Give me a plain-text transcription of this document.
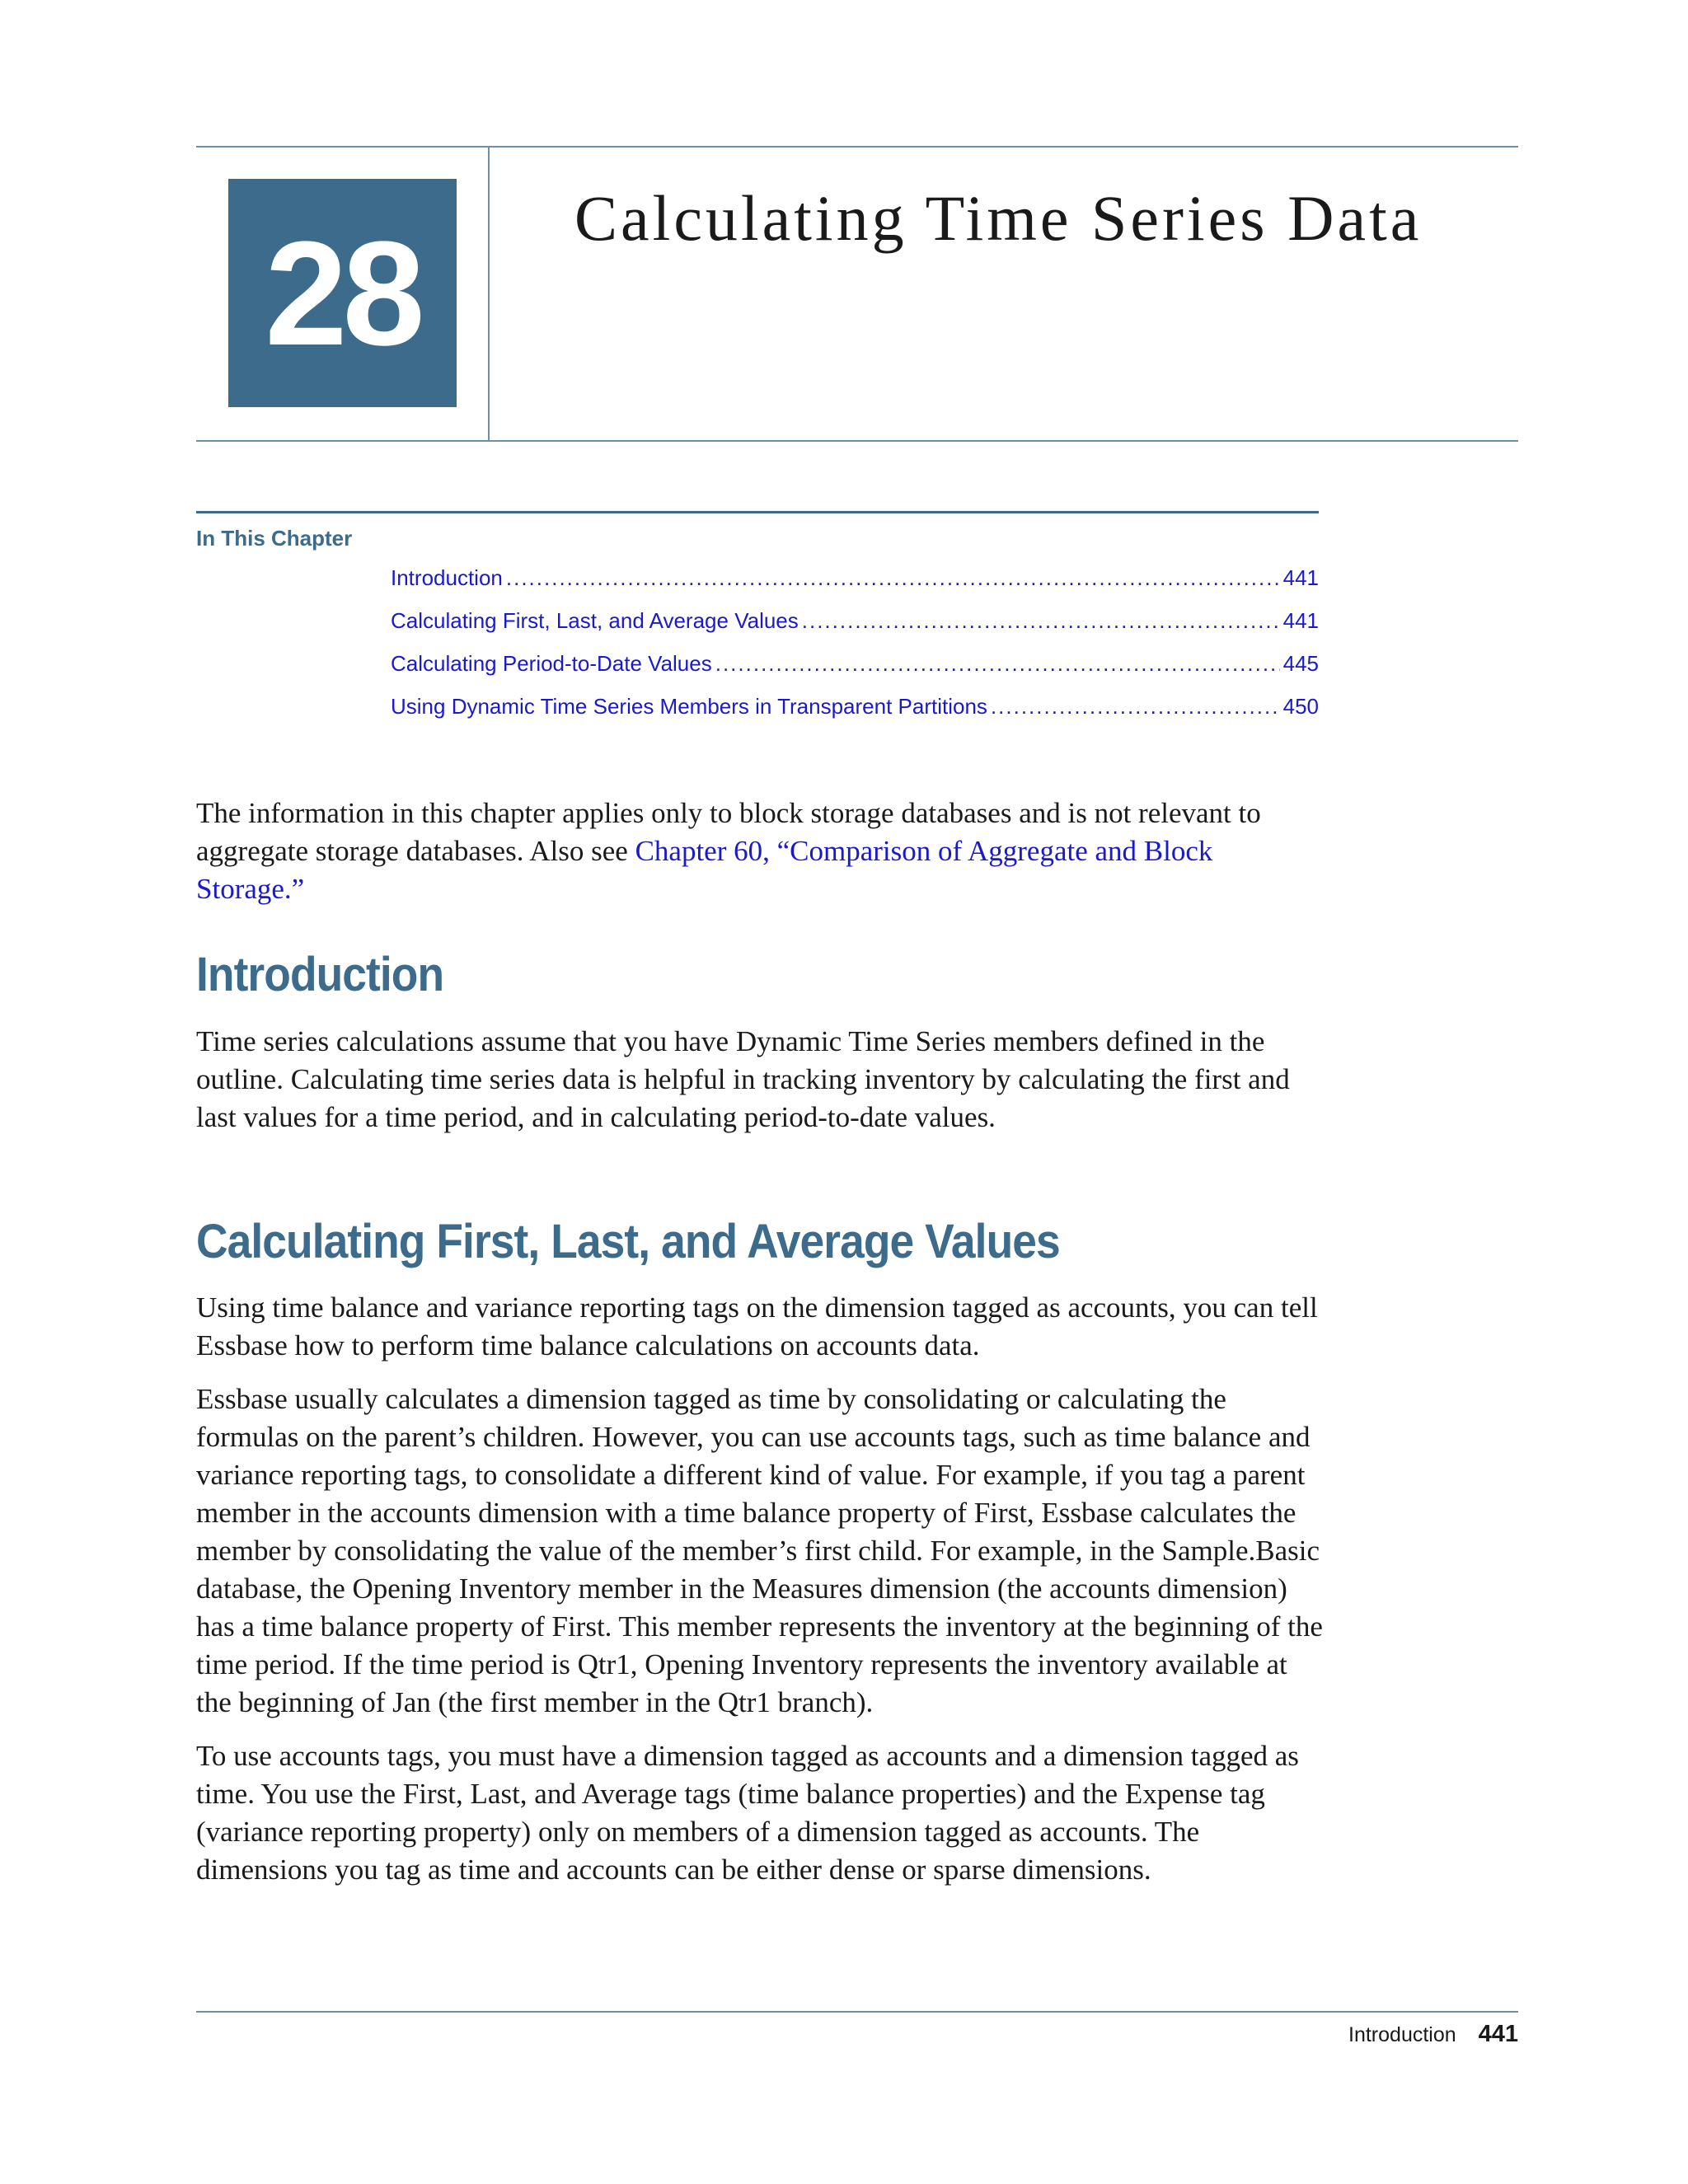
28	Calculating Time Series Data
In This Chapter
Introduction .....	441
Calculating First, Last, and Average Values .....	441
Calculating Period-to-Date Values .....	445
Using Dynamic Time Series Members in Transparent Partitions .....	450

The information in this chapter applies only to block storage databases and is not relevant to aggregate storage databases. Also see Chapter 60, “Comparison of Aggregate and Block Storage.”

Introduction

Time series calculations assume that you have Dynamic Time Series members defined in the outline. Calculating time series data is helpful in tracking inventory by calculating the first and last values for a time period, and in calculating period-to-date values.

Calculating First, Last, and Average Values

Using time balance and variance reporting tags on the dimension tagged as accounts, you can tell Essbase how to perform time balance calculations on accounts data.

Essbase usually calculates a dimension tagged as time by consolidating or calculating the formulas on the parent’s children. However, you can use accounts tags, such as time balance and variance reporting tags, to consolidate a different kind of value. For example, if you tag a parent member in the accounts dimension with a time balance property of First, Essbase calculates the member by consolidating the value of the member’s first child. For example, in the Sample.Basic database, the Opening Inventory member in the Measures dimension (the accounts dimension) has a time balance property of First. This member represents the inventory at the beginning of the time period. If the time period is Qtr1, Opening Inventory represents the inventory available at the beginning of Jan (the first member in the Qtr1 branch).

To use accounts tags, you must have a dimension tagged as accounts and a dimension tagged as time. You use the First, Last, and Average tags (time balance properties) and the Expense tag (variance reporting property) only on members of a dimension tagged as accounts. The dimensions you tag as time and accounts can be either dense or sparse dimensions.

Introduction 441
